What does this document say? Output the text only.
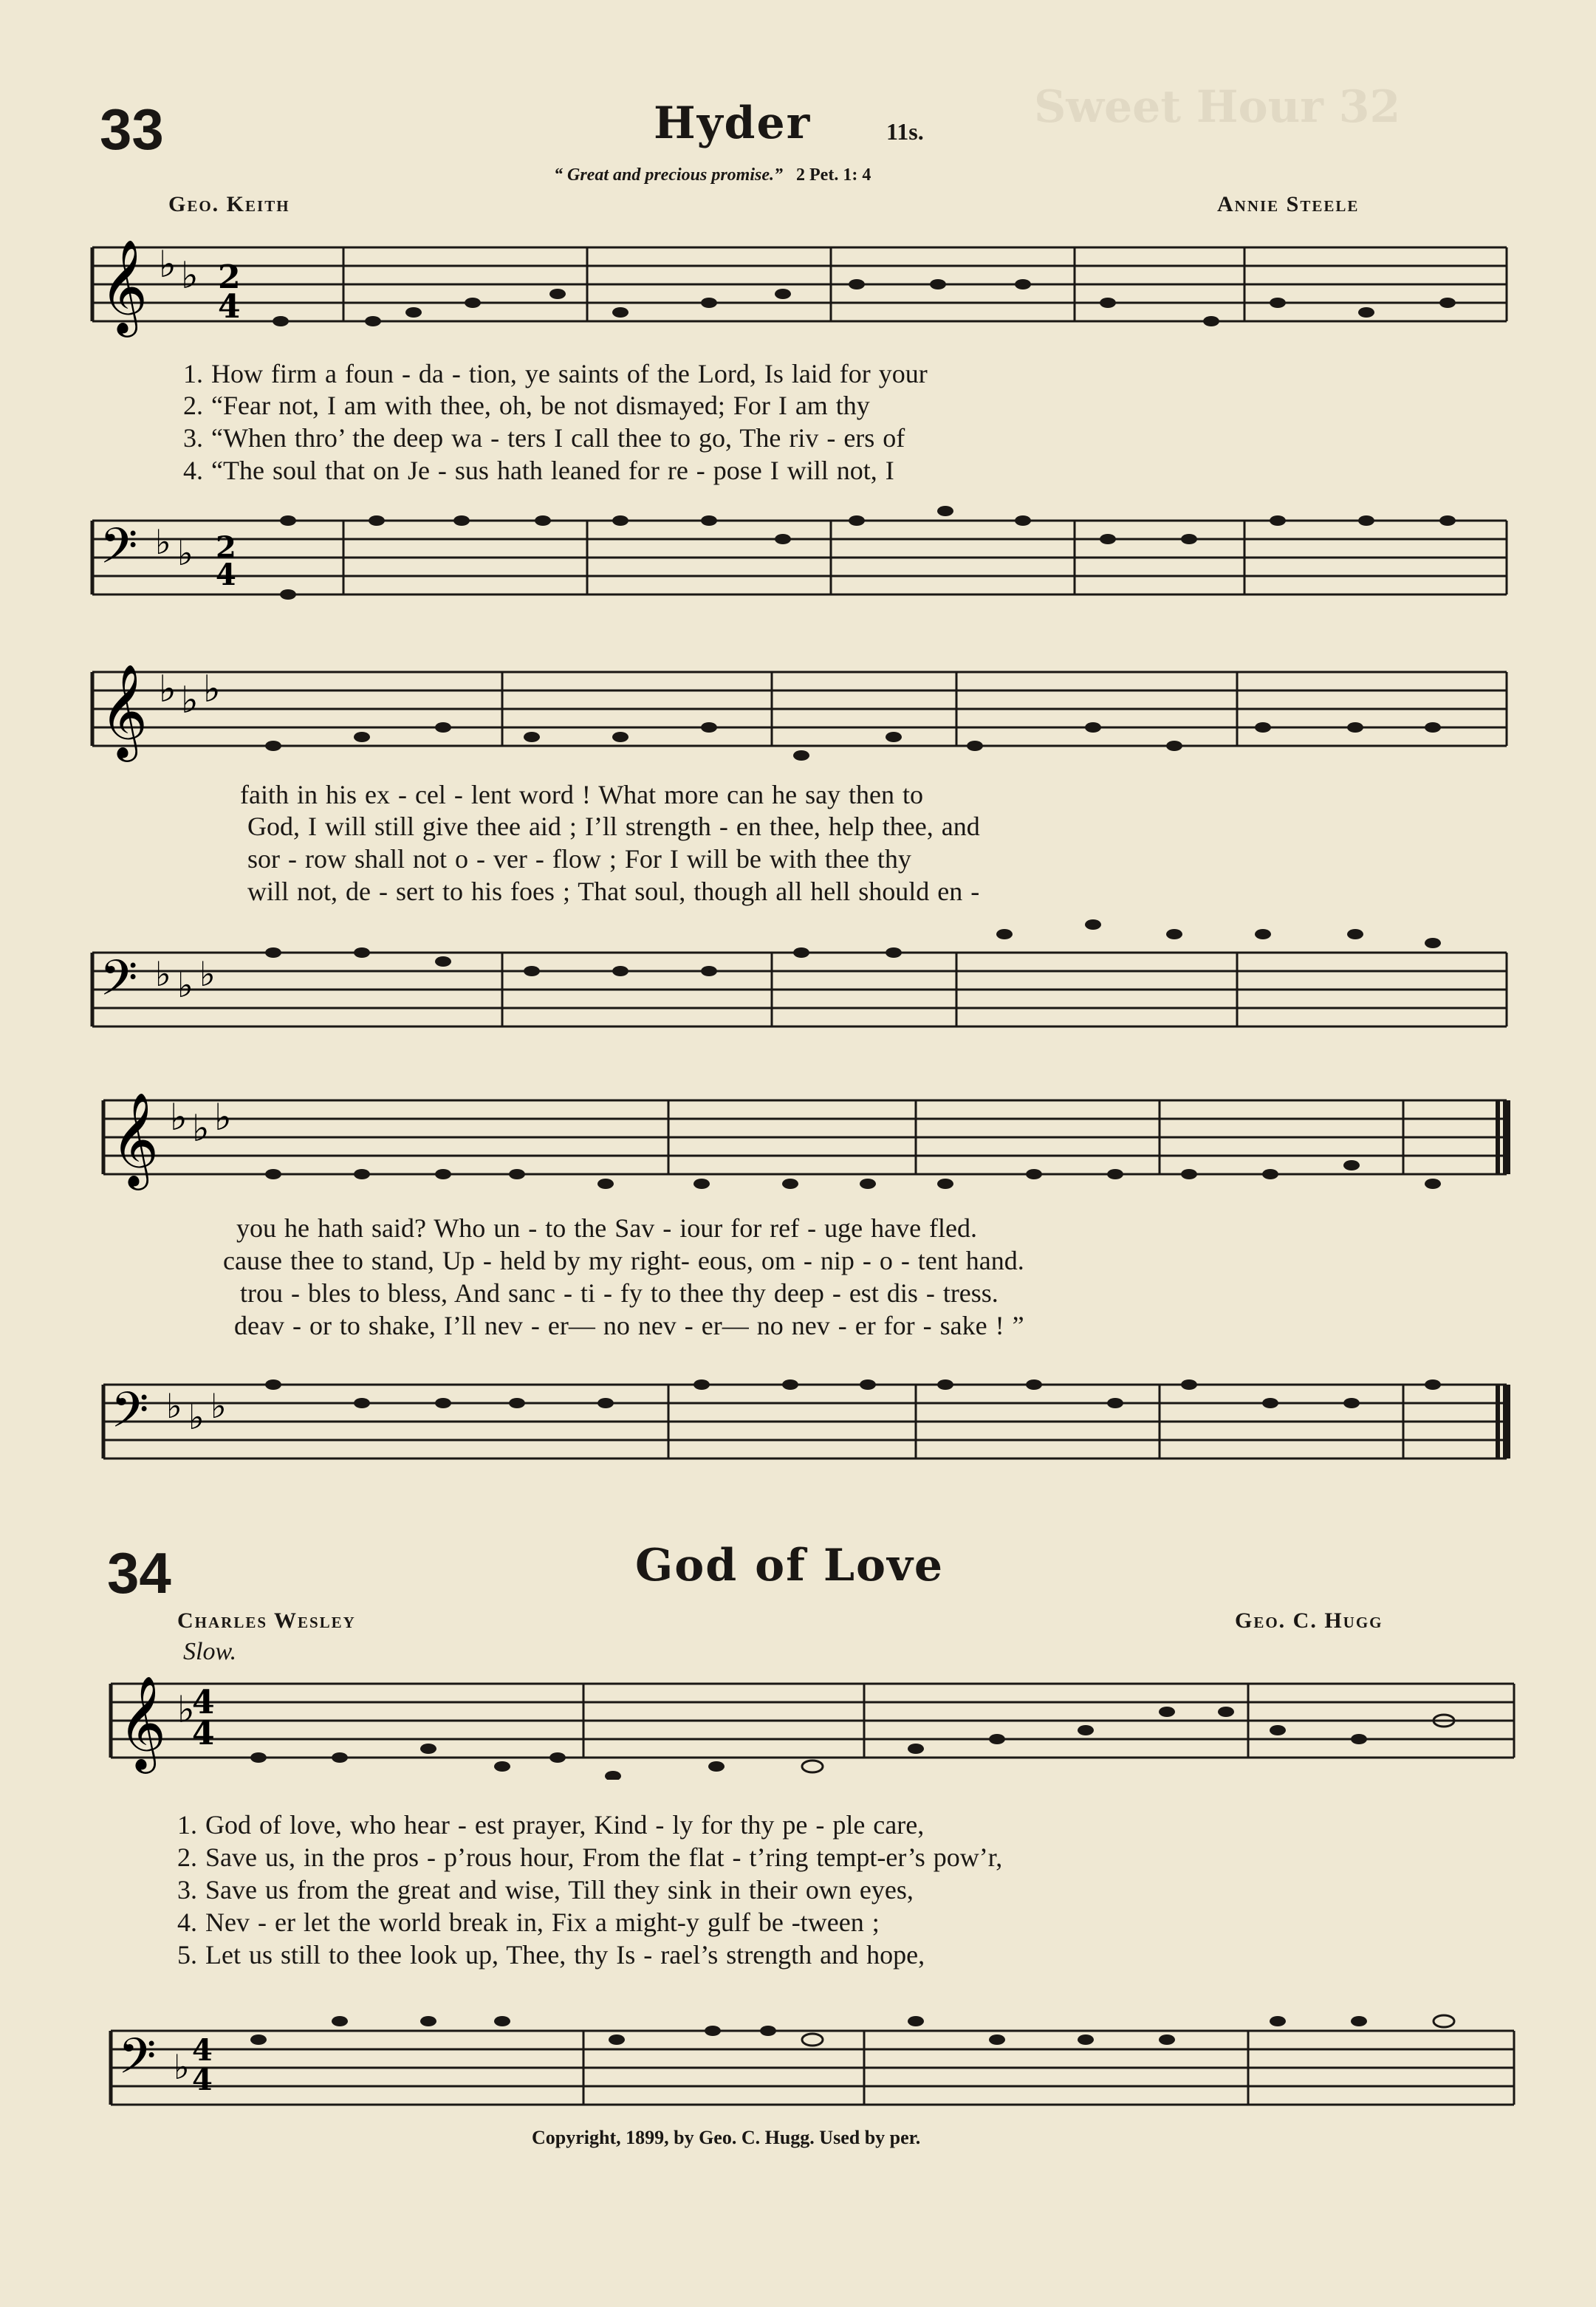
Sweet Hour 32
33	Hyder	11s.
“ Great and precious promise.” 2 Pet. 1: 4
Geo. Keith	Annie Steele
𝄞 ♭ ♭ 2
4
1. How firm a foun - da - tion, ye saints of the Lord, Is laid for your
2. “Fear not, I am with thee, oh, be not dismayed; For I am thy
3. “When thro’ the deep wa - ters I call thee to go, The riv - ers of
4. “The soul that on Je - sus hath leaned for re - pose I will not, I
𝄢 ♭ ♭ 2
4
𝄞 ♭ ♭ ♭
faith in his ex - cel - lent word ! What more can he say then to
God, I will still give thee aid ; I’ll strength - en thee, help thee, and
sor - row shall not o - ver - flow ; For I will be with thee thy
will not, de - sert to his foes ; That soul, though all hell should en -
𝄢 ♭ ♭ ♭
𝄞 ♭ ♭ ♭
you he hath said? Who un - to the Sav - iour for ref - uge have fled.
cause thee to stand, Up - held by my right- eous, om - nip - o - tent hand.
trou - bles to bless, And sanc - ti - fy to thee thy deep - est dis - tress.
deav - or to shake, I’ll nev - er— no nev - er— no nev - er for - sake ! ”
𝄢 ♭ ♭ ♭
34	God of Love
Charles Wesley	Geo. C. Hugg
Slow.
𝄞 ♭
4
4
1. God of love, who hear - est prayer, Kind - ly for thy pe - ple care,
2. Save us, in the pros - p’rous hour, From the flat - t’ring tempt-er’s pow’r,
3. Save us from the great and wise, Till they sink in their own eyes,
4. Nev - er let the world break in, Fix a might-y gulf be -tween ;
5. Let us still to thee look up, Thee, thy Is - rael’s strength and hope,
𝄢 ♭ 4
4
Copyright, 1899, by Geo. C. Hugg. Used by per.
